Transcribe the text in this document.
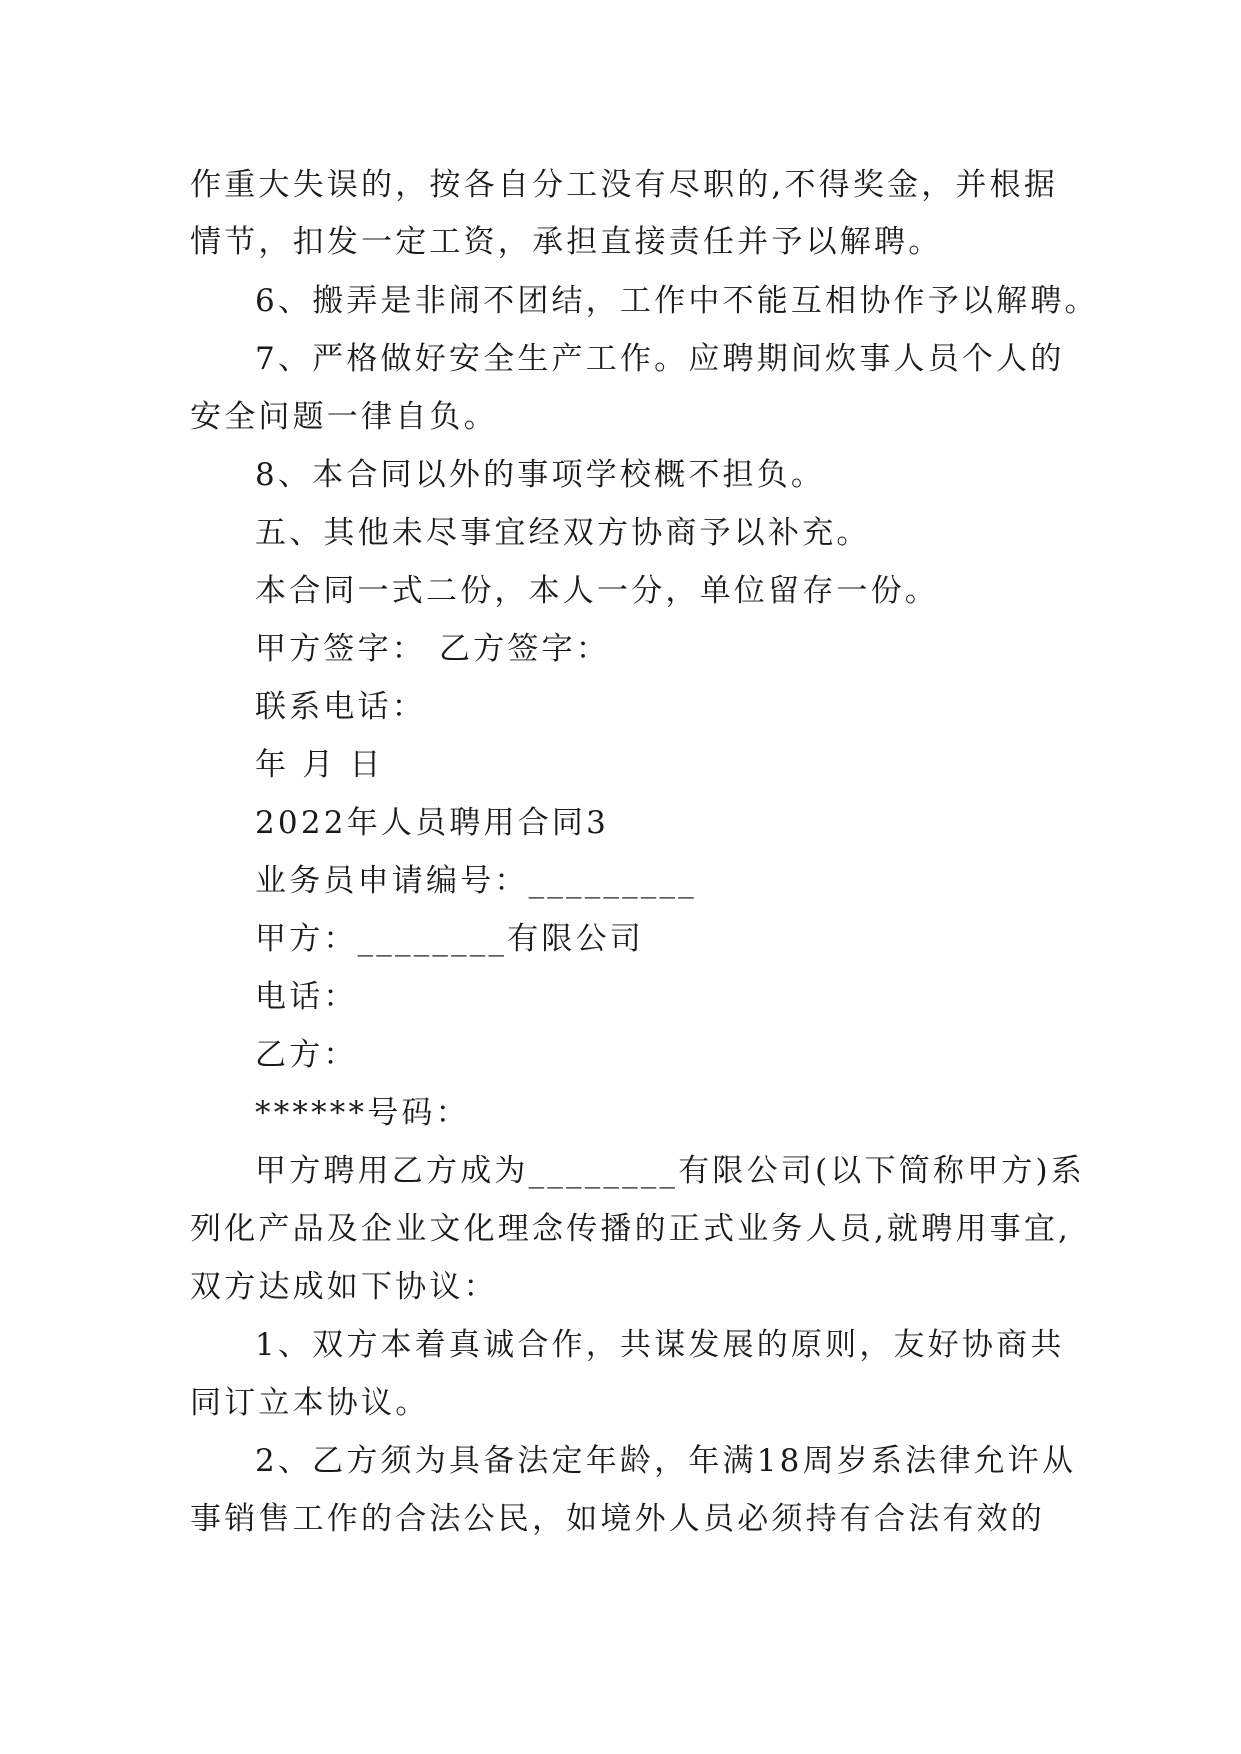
作重大失误的，按各自分工没有尽职的,不得奖金，并根据
情节，扣发一定工资，承担直接责任并予以解聘。
6、搬弄是非闹不团结，工作中不能互相协作予以解聘。
7、严格做好安全生产工作。应聘期间炊事人员个人的
安全问题一律自负。
8、本合同以外的事项学校概不担负。
五、其他未尽事宜经双方协商予以补充。
本合同一式二份，本人一分，单位留存一份。
甲方签字： 乙方签字：
联系电话：
年 月 日
2022年人员聘用合同3
业务员申请编号：_________
甲方：________有限公司
电话：
乙方：
******号码：
甲方聘用乙方成为________有限公司(以下简称甲方)系
列化产品及企业文化理念传播的正式业务人员,就聘用事宜,
双方达成如下协议：
1、双方本着真诚合作，共谋发展的原则，友好协商共
同订立本协议。
2、乙方须为具备法定年龄，年满18周岁系法律允许从
事销售工作的合法公民，如境外人员必须持有合法有效的
